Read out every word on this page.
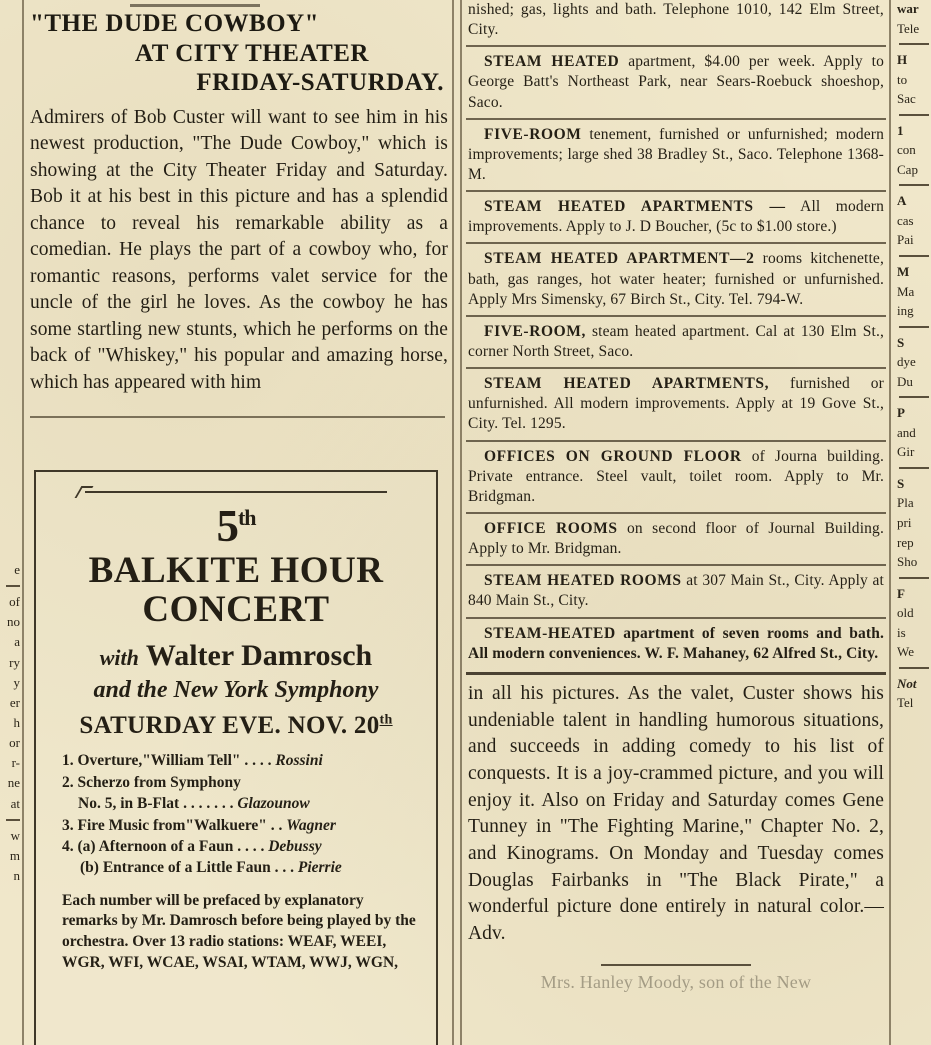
e
of
no
a
ry
y
er
h
or
r-
ne
at
w
m
n
"THE DUDE COWBOY"
AT CITY THEATER
FRIDAY-SATURDAY.

Admirers of Bob Custer will want to see him in his newest production, "The Dude Cowboy," which is showing at the City Theater Friday and Saturday. Bob it at his best in this picture and has a splendid chance to reveal his remarkable ability as a comedian. He plays the part of a cowboy who, for romantic reasons, performs valet service for the uncle of the girl he loves. As the cowboy he has some startling new stunts, which he performs on the back of "Whiskey," his popular and amazing horse, which has appeared with him

5th
BALKITE HOUR
CONCERT
with Walter Damrosch
and the New York Symphony
SATURDAY EVE. NOV. 20th
1. Overture,"William Tell" . . . . Rossini
2. Scherzo from Symphony
No. 5, in B-Flat . . . . . . . Glazounow
3. Fire Music from"Walkuere" . . Wagner
4. (a) Afternoon of a Faun . . . . Debussy
(b) Entrance of a Little Faun . . . Pierrie
Each number will be prefaced by explanatory remarks by Mr. Damrosch before being played by the orchestra. Over 13 radio stations: WEAF, WEEI, WGR, WFI, WCAE, WSAI, WTAM, WWJ, WGN,
nished; gas, lights and bath. Telephone 1010, 142 Elm Street, City.
STEAM HEATED apartment, $4.00 per week. Apply to George Batt's Northeast Park, near Sears-Roebuck shoeshop, Saco.
FIVE-ROOM tenement, furnished or unfurnished; modern improvements; large shed 38 Bradley St., Saco. Telephone 1368-M.
STEAM HEATED APARTMENTS — All modern improvements. Apply to J. D Boucher, (5c to $1.00 store.)
STEAM HEATED APARTMENT—2 rooms kitchenette, bath, gas ranges, hot water heater; furnished or unfurnished. Apply Mrs Simensky, 67 Birch St., City. Tel. 794-W.
FIVE-ROOM, steam heated apartment. Cal at 130 Elm St., corner North Street, Saco.
STEAM HEATED APARTMENTS, furnished or unfurnished. All modern improvements. Apply at 19 Gove St., City. Tel. 1295.
OFFICES ON GROUND FLOOR of Journa building. Private entrance. Steel vault, toilet room. Apply to Mr. Bridgman.
OFFICE ROOMS on second floor of Journal Building. Apply to Mr. Bridgman.
STEAM HEATED ROOMS at 307 Main St., City. Apply at 840 Main St., City.
STEAM-HEATED apartment of seven rooms and bath. All modern conveniences. W. F. Mahaney, 62 Alfred St., City.
in all his pictures. As the valet, Custer shows his undeniable talent in handling humorous situations, and succeeds in adding comedy to his list of conquests. It is a joy-crammed picture, and you will enjoy it. Also on Friday and Saturday comes Gene Tunney in "The Fighting Marine," Chapter No. 2, and Kinograms. On Monday and Tuesday comes Douglas Fairbanks in "The Black Pirate," a wonderful picture done entirely in natural color.—Adv.
Mrs. Hanley Moody, son of the New
war
Tele
H
to
Sac
1
con
Cap
A
cas
Pai
M
Ma
ing
S
dye
Du
P
and
Gir
S
Pla
pri
rep
Sho
F
old
is
We
Not
Tel
